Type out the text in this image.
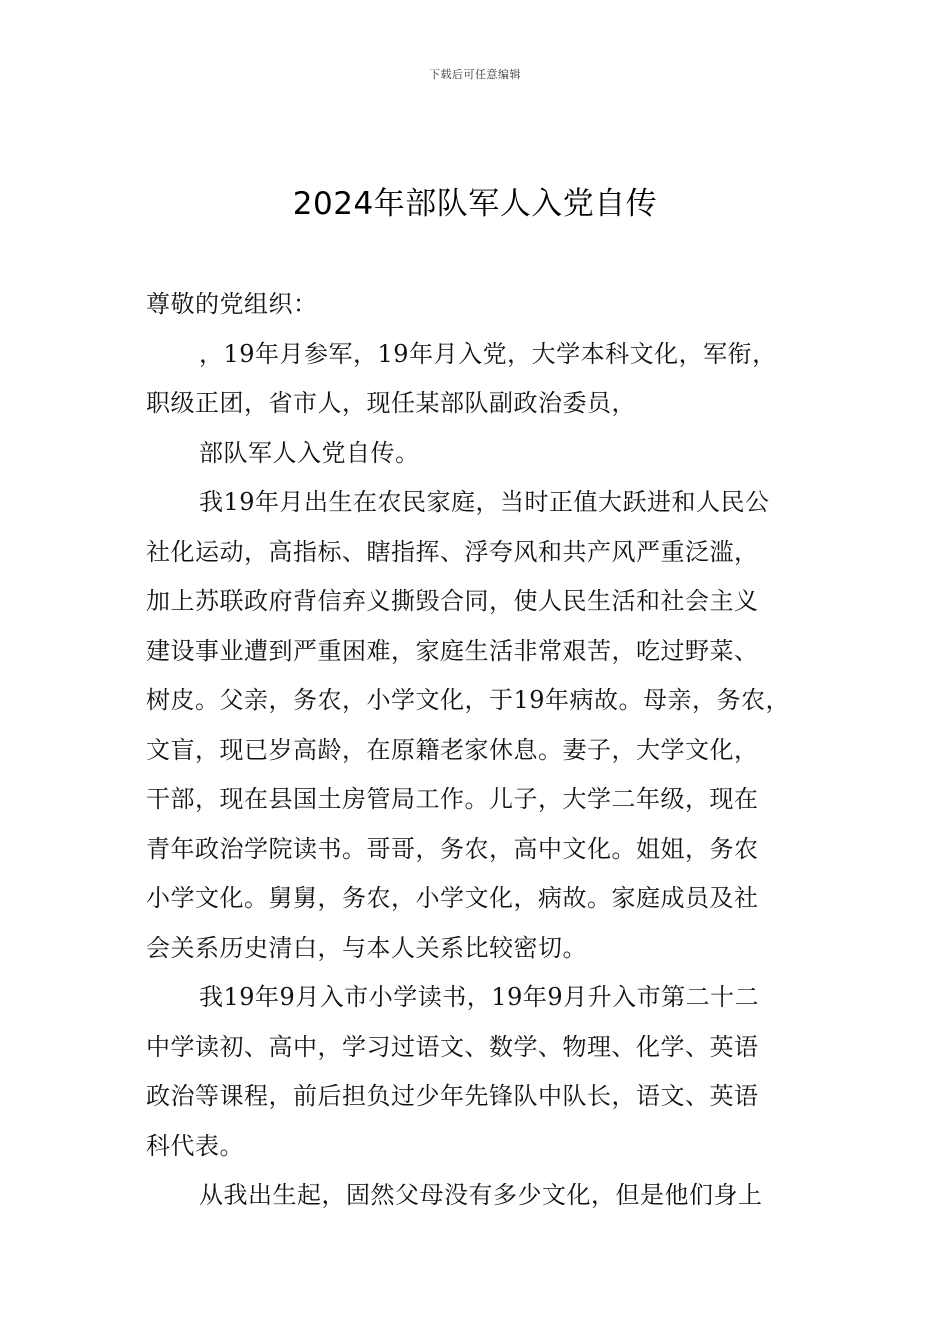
下载后可任意编辑
2024年部队军人入党自传
尊敬的党组织：
，19年月参军，19年月入党，大学本科文化，军衔，
职级正团，省市人，现任某部队副政治委员，
部队军人入党自传。
我19年月出生在农民家庭，当时正值大跃进和人民公
社化运动，高指标、瞎指挥、浮夸风和共产风严重泛滥，
加上苏联政府背信弃义撕毁合同，使人民生活和社会主义
建设事业遭到严重困难，家庭生活非常艰苦，吃过野菜、
树皮。父亲，务农，小学文化，于19年病故。母亲，务农，
文盲，现已岁高龄，在原籍老家休息。妻子，大学文化，
干部，现在县国土房管局工作。儿子，大学二年级，现在
青年政治学院读书。哥哥，务农，高中文化。姐姐，务农
小学文化。舅舅，务农，小学文化，病故。家庭成员及社
会关系历史清白，与本人关系比较密切。
我19年9月入市小学读书，19年9月升入市第二十二
中学读初、高中，学习过语文、数学、物理、化学、英语
政治等课程，前后担负过少年先锋队中队长，语文、英语
科代表。
从我出生起，固然父母没有多少文化，但是他们身上
